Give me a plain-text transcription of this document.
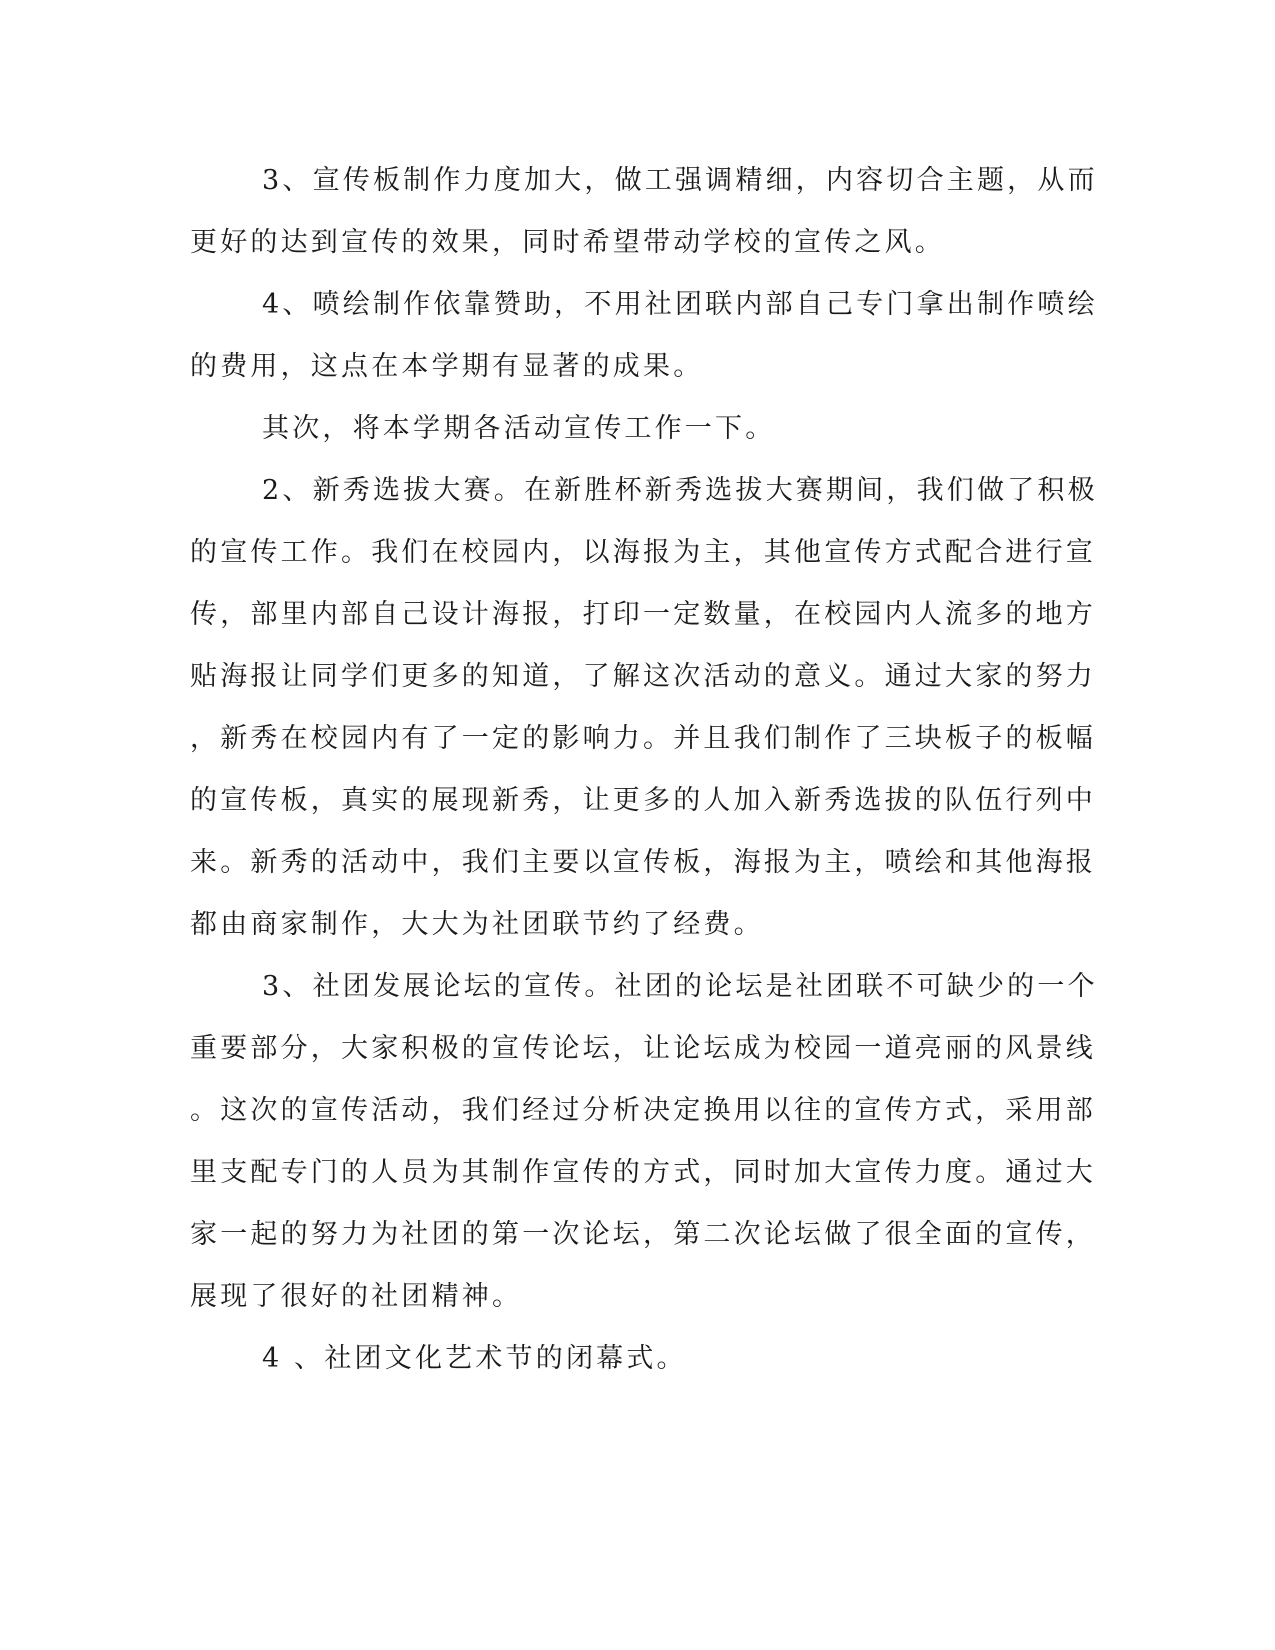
3、宣传板制作力度加大，做工强调精细，内容切合主题，从而
更好的达到宣传的效果，同时希望带动学校的宣传之风。
4、喷绘制作依靠赞助，不用社团联内部自己专门拿出制作喷绘
的费用，这点在本学期有显著的成果。
其次，将本学期各活动宣传工作一下。
2、新秀选拔大赛。在新胜杯新秀选拔大赛期间，我们做了积极
的宣传工作。我们在校园内，以海报为主，其他宣传方式配合进行宣
传，部里内部自己设计海报，打印一定数量，在校园内人流多的地方
贴海报让同学们更多的知道，了解这次活动的意义。通过大家的努力
，新秀在校园内有了一定的影响力。并且我们制作了三块板子的板幅
的宣传板，真实的展现新秀，让更多的人加入新秀选拔的队伍行列中
来。新秀的活动中，我们主要以宣传板，海报为主，喷绘和其他海报
都由商家制作，大大为社团联节约了经费。
3、社团发展论坛的宣传。社团的论坛是社团联不可缺少的一个
重要部分，大家积极的宣传论坛，让论坛成为校园一道亮丽的风景线
。这次的宣传活动，我们经过分析决定换用以往的宣传方式，采用部
里支配专门的人员为其制作宣传的方式，同时加大宣传力度。通过大
家一起的努力为社团的第一次论坛，第二次论坛做了很全面的宣传，
展现了很好的社团精神。
4 、社团文化艺术节的闭幕式。
